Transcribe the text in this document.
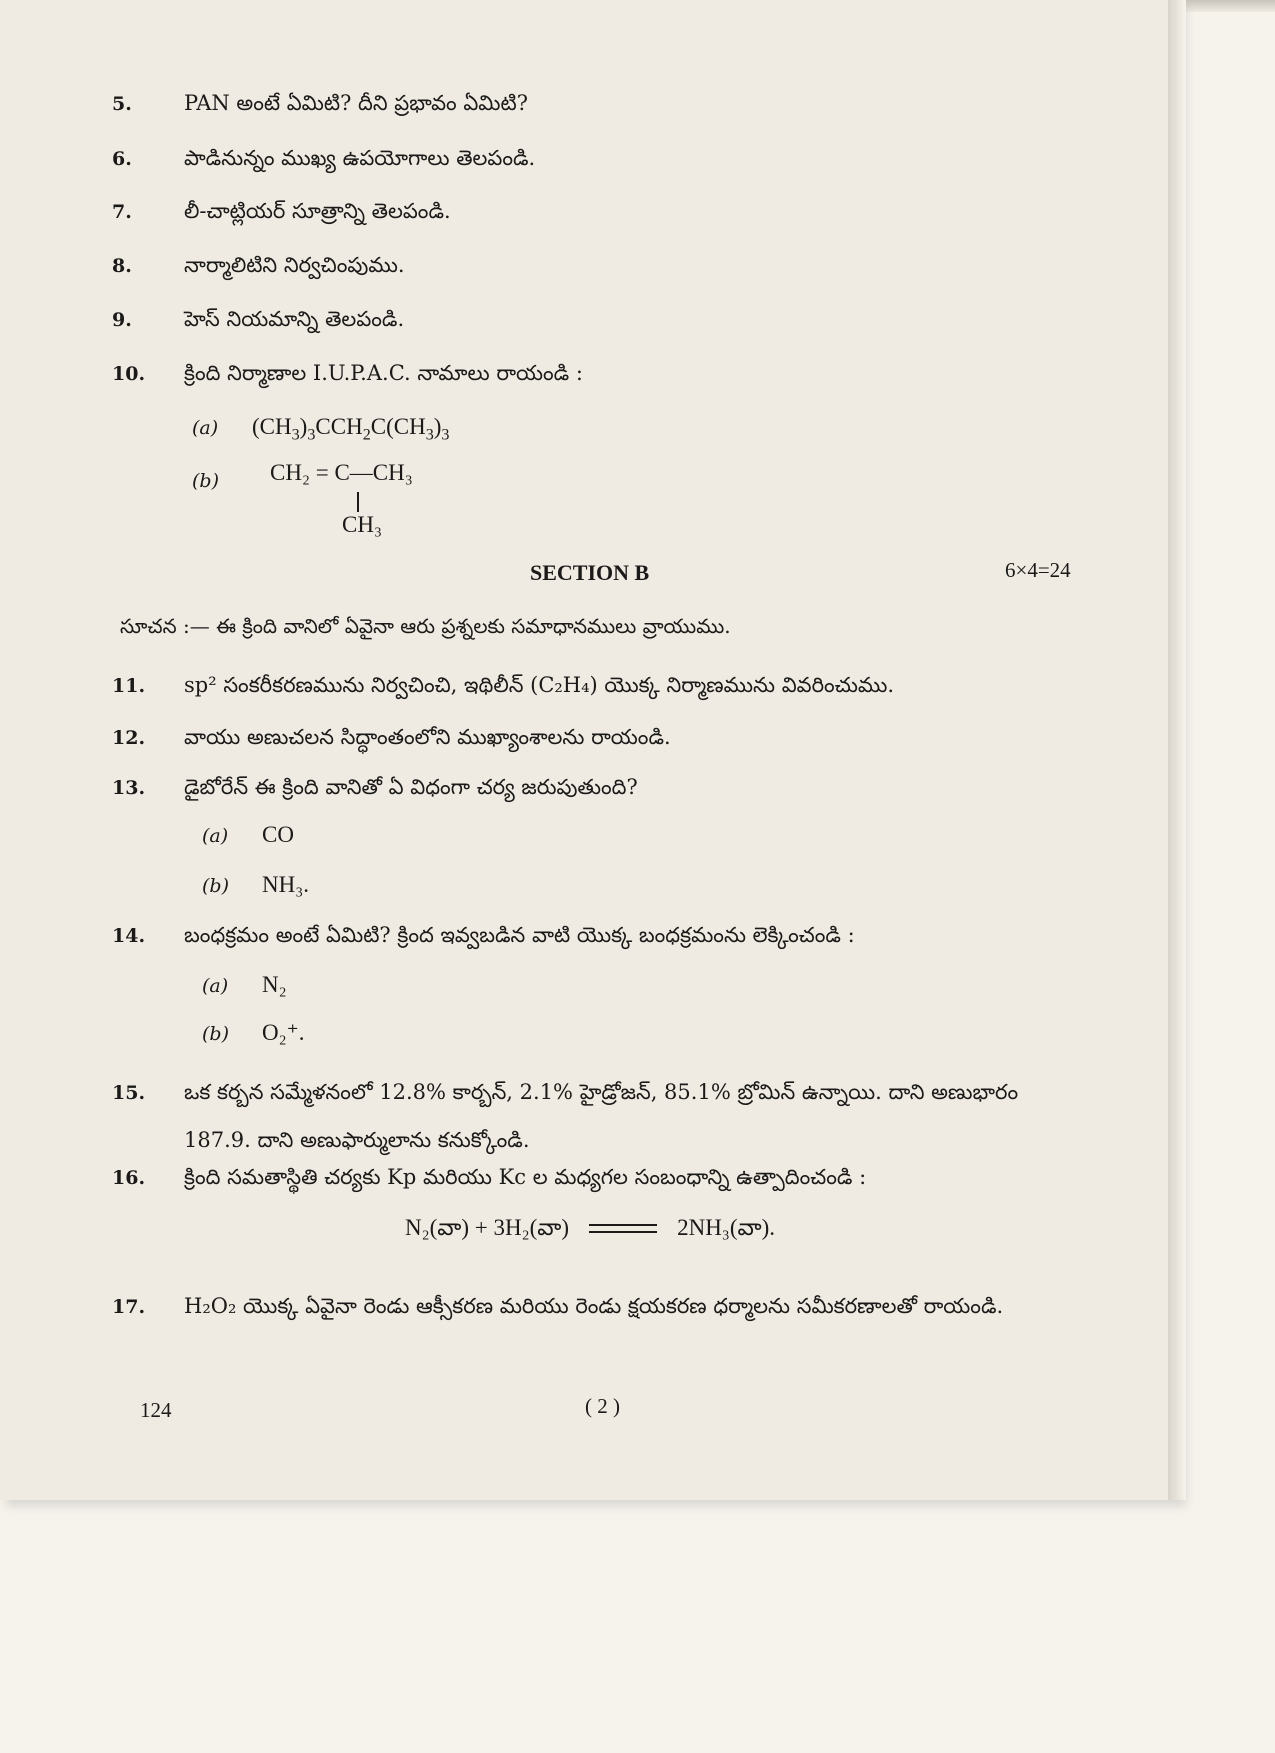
5.	PAN అంటే ఏమిటి? దీని ప్రభావం ఏమిటి?
6.	పాడినున్నం ముఖ్య ఉపయోగాలు తెలపండి.
7.	లీ-చాట్లియర్ సూత్రాన్ని తెలపండి.
8.	నార్మాలిటిని నిర్వచింపుము.
9.	హెస్ నియమాన్ని తెలపండి.
10.	క్రింది నిర్మాణాల I.U.P.A.C. నామాలు రాయండి :
(a)	$(CH_3)_3CCH_2C(CH_3)_3$
(b)	CH₂ = C—CH₃
CH₃
SECTION B	6×4=24
సూచన :— ఈ క్రింది వానిలో ఏవైనా ఆరు ప్రశ్నలకు సమాధానములు వ్రాయుము.
11.	sp² సంకరీకరణమును నిర్వచించి, ఇథిలీన్ (C₂H₄) యొక్క నిర్మాణమును వివరించుము.
12.	వాయు అణుచలన సిద్ధాంతంలోని ముఖ్యాంశాలను రాయండి.
13.	డైబోరేన్ ఈ క్రింది వానితో ఏ విధంగా చర్య జరుపుతుంది?
(a)	CO
(b)	NH₃.
14.	బంధక్రమం అంటే ఏమిటి? క్రింద ఇవ్వబడిన వాటి యొక్క బంధక్రమంను లెక్కించండి :
(a)	N₂
(b)	O₂⁺.
15.	ఒక కర్బన సమ్మేళనంలో 12.8% కార్బన్, 2.1% హైడ్రోజన్, 85.1% బ్రోమిన్ ఉన్నాయి. దాని అణుభారం 187.9. దాని అణుఫార్ములాను కనుక్కోండి.
16.	క్రింది సమతాస్థితి చర్యకు Kp మరియు Kc ల మధ్యగల సంబంధాన్ని ఉత్పాదించండి :
N₂(వా) + 3H₂(వా)	2NH₃(వా).
17.	H₂O₂ యొక్క ఏవైనా రెండు ఆక్సీకరణ మరియు రెండు క్షయకరణ ధర్మాలను సమీకరణాలతో రాయండి.
124	( 2 )
